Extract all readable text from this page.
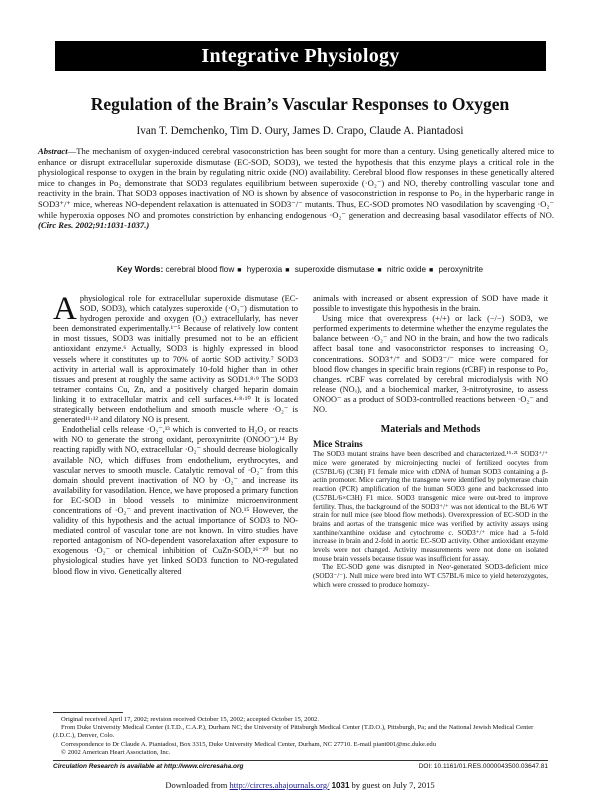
Integrative Physiology
Regulation of the Brain’s Vascular Responses to Oxygen
Ivan T. Demchenko, Tim D. Oury, James D. Crapo, Claude A. Piantadosi

Abstract—The mechanism of oxygen-induced cerebral vasoconstriction has been sought for more than a century. Using genetically altered mice to enhance or disrupt extracellular superoxide dismutase (EC-SOD, SOD3), we tested the hypothesis that this enzyme plays a critical role in the physiological response to oxygen in the brain by regulating nitric oxide (NO) availability. Cerebral blood flow responses in these genetically altered mice to changes in Po₂ demonstrate that SOD3 regulates equilibrium between superoxide (·O₂⁻) and NO, thereby controlling vascular tone and reactivity in the brain. That SOD3 opposes inactivation of NO is shown by absence of vasoconstriction in response to Po₂ in the hyperbaric range in SOD3⁺/⁺ mice, whereas NO-dependent relaxation is attenuated in SOD3⁻/⁻ mutants. Thus, EC-SOD promotes NO vasodilation by scavenging ·O₂⁻ while hyperoxia opposes NO and promotes constriction by enhancing endogenous ·O₂⁻ generation and decreasing basal vasodilator effects of NO. (Circ Res. 2002;91:1031-1037.)

Key Words: cerebral blood flow ■ hyperoxia ■ superoxide dismutase ■ nitric oxide ■ peroxynitrite

Aphysiological role for extracellular superoxide dismutase (EC-SOD, SOD3), which catalyzes superoxide (·O₂⁻) dismutation to hydrogen peroxide and oxygen (O₂) extracellularly, has never been demonstrated experimentally.¹⁻⁵ Because of relatively low content in most tissues, SOD3 was initially presumed not to be an efficient antioxidant enzyme.⁶ Actually, SOD3 is highly expressed in blood vessels where it constitutes up to 70% of aortic SOD activity.⁷ SOD3 activity in arterial wall is approximately 10-fold higher than in other tissues and present at roughly the same activity as SOD1.⁸·⁹ The SOD3 tetramer contains Cu, Zn, and a positively charged heparin domain linking it to extracellular matrix and cell surfaces.⁴·⁸·¹⁰ It is located strategically between endothelium and smooth muscle where ·O₂⁻ is generated¹¹·¹² and dilatory NO is present.

Endothelial cells release ·O₂⁻,¹³ which is converted to H₂O₂ or reacts with NO to generate the strong oxidant, peroxynitrite (ONOO⁻).¹⁴ By reacting rapidly with NO, extracellular ·O₂⁻ should decrease biologically available NO, which diffuses from endothelium, erythrocytes, and vascular nerves to smooth muscle. Catalytic removal of ·O₂⁻ from this domain should prevent inactivation of NO by ·O₂⁻ and increase its availability for vasodilation. Hence, we have proposed a primary function for EC-SOD in blood vessels to minimize microenvironment concentrations of ·O₂⁻ and prevent inactivation of NO.¹⁵ However, the validity of this hypothesis and the actual importance of SOD3 to NO-mediated control of vascular tone are not known. In vitro studies have reported antagonism of NO-dependent vasorelaxation after exposure to exogenous ·O₂⁻ or chemical inhibition of CuZn-SOD,¹⁶⁻²⁰ but no physiological studies have yet linked SOD3 function to NO-regulated blood flow in vivo. Genetically altered

animals with increased or absent expression of SOD have made it possible to investigate this hypothesis in the brain.

Using mice that overexpress (+/+) or lack (−/−) SOD3, we performed experiments to determine whether the enzyme regulates the balance between ·O₂⁻ and NO in the brain, and how the two radicals affect basal tone and vasoconstrictor responses to increasing O₂ concentrations. SOD3⁺/⁺ and SOD3⁻/⁻ mice were compared for blood flow changes in specific brain regions (rCBF) in response to Po₂ changes. rCBF was correlated by cerebral microdialysis with NO release (NOₓ), and a biochemical marker, 3-nitrotyrosine, to assess ONOO⁻ as a product of SOD3-controlled reactions between ·O₂⁻ and NO.

Materials and Methods
Mice Strains

The SOD3 mutant strains have been described and characterized.¹⁵·²¹ SOD3⁺/⁺ mice were generated by microinjecting nuclei of fertilized oocytes from (C57BL/6) (C3H) F1 female mice with cDNA of human SOD3 containing a β-actin promoter. Mice carrying the transgene were identified by polymerase chain reaction (PCR) amplification of the human SOD3 gene and backcrossed into (C57BL/6×C3H) F1 mice. SOD3 transgenic mice were out-bred to improve fertility. Thus, the background of the SOD3⁺/⁺ was not identical to the BL/6 WT strain for null mice (see blood flow methods). Overexpression of EC-SOD in the brains and aortas of the transgenic mice was verified by activity assays using xanthine/xanthine oxidase and cytochrome c. SOD3⁺/⁺ mice had a 5-fold increase in brain and 2-fold in aortic EC-SOD activity. Other antioxidant enzyme levels were not changed. Activity measurements were not done on isolated mouse brain vessels because tissue was insufficient for assay.

The EC-SOD gene was disrupted in Neoʳ-generated SOD3-deficient mice (SOD3⁻/⁻). Null mice were bred into WT C57BL/6 mice to yield heterozygotes, which were crossed to produce homozy-

Original received April 17, 2002; revision received October 15, 2002; accepted October 15, 2002.

From Duke University Medical Center (I.T.D., C.A.P.), Durham NC; the University of Pittsburgh Medical Center (T.D.O.), Pittsburgh, Pa; and the National Jewish Medical Center (J.D.C.), Denver, Colo.

Correspondence to Dr Claude A. Piantadosi, Box 3315, Duke University Medical Center, Durham, NC 27710. E-mail piant001@mc.duke.edu

© 2002 American Heart Association, Inc.

Circulation Research is available at http://www.circresaha.org	DOI: 10.1161/01.RES.0000043500.03647.81
Downloaded from http://circres.ahajournals.org/ 1031 by guest on July 7, 2015
